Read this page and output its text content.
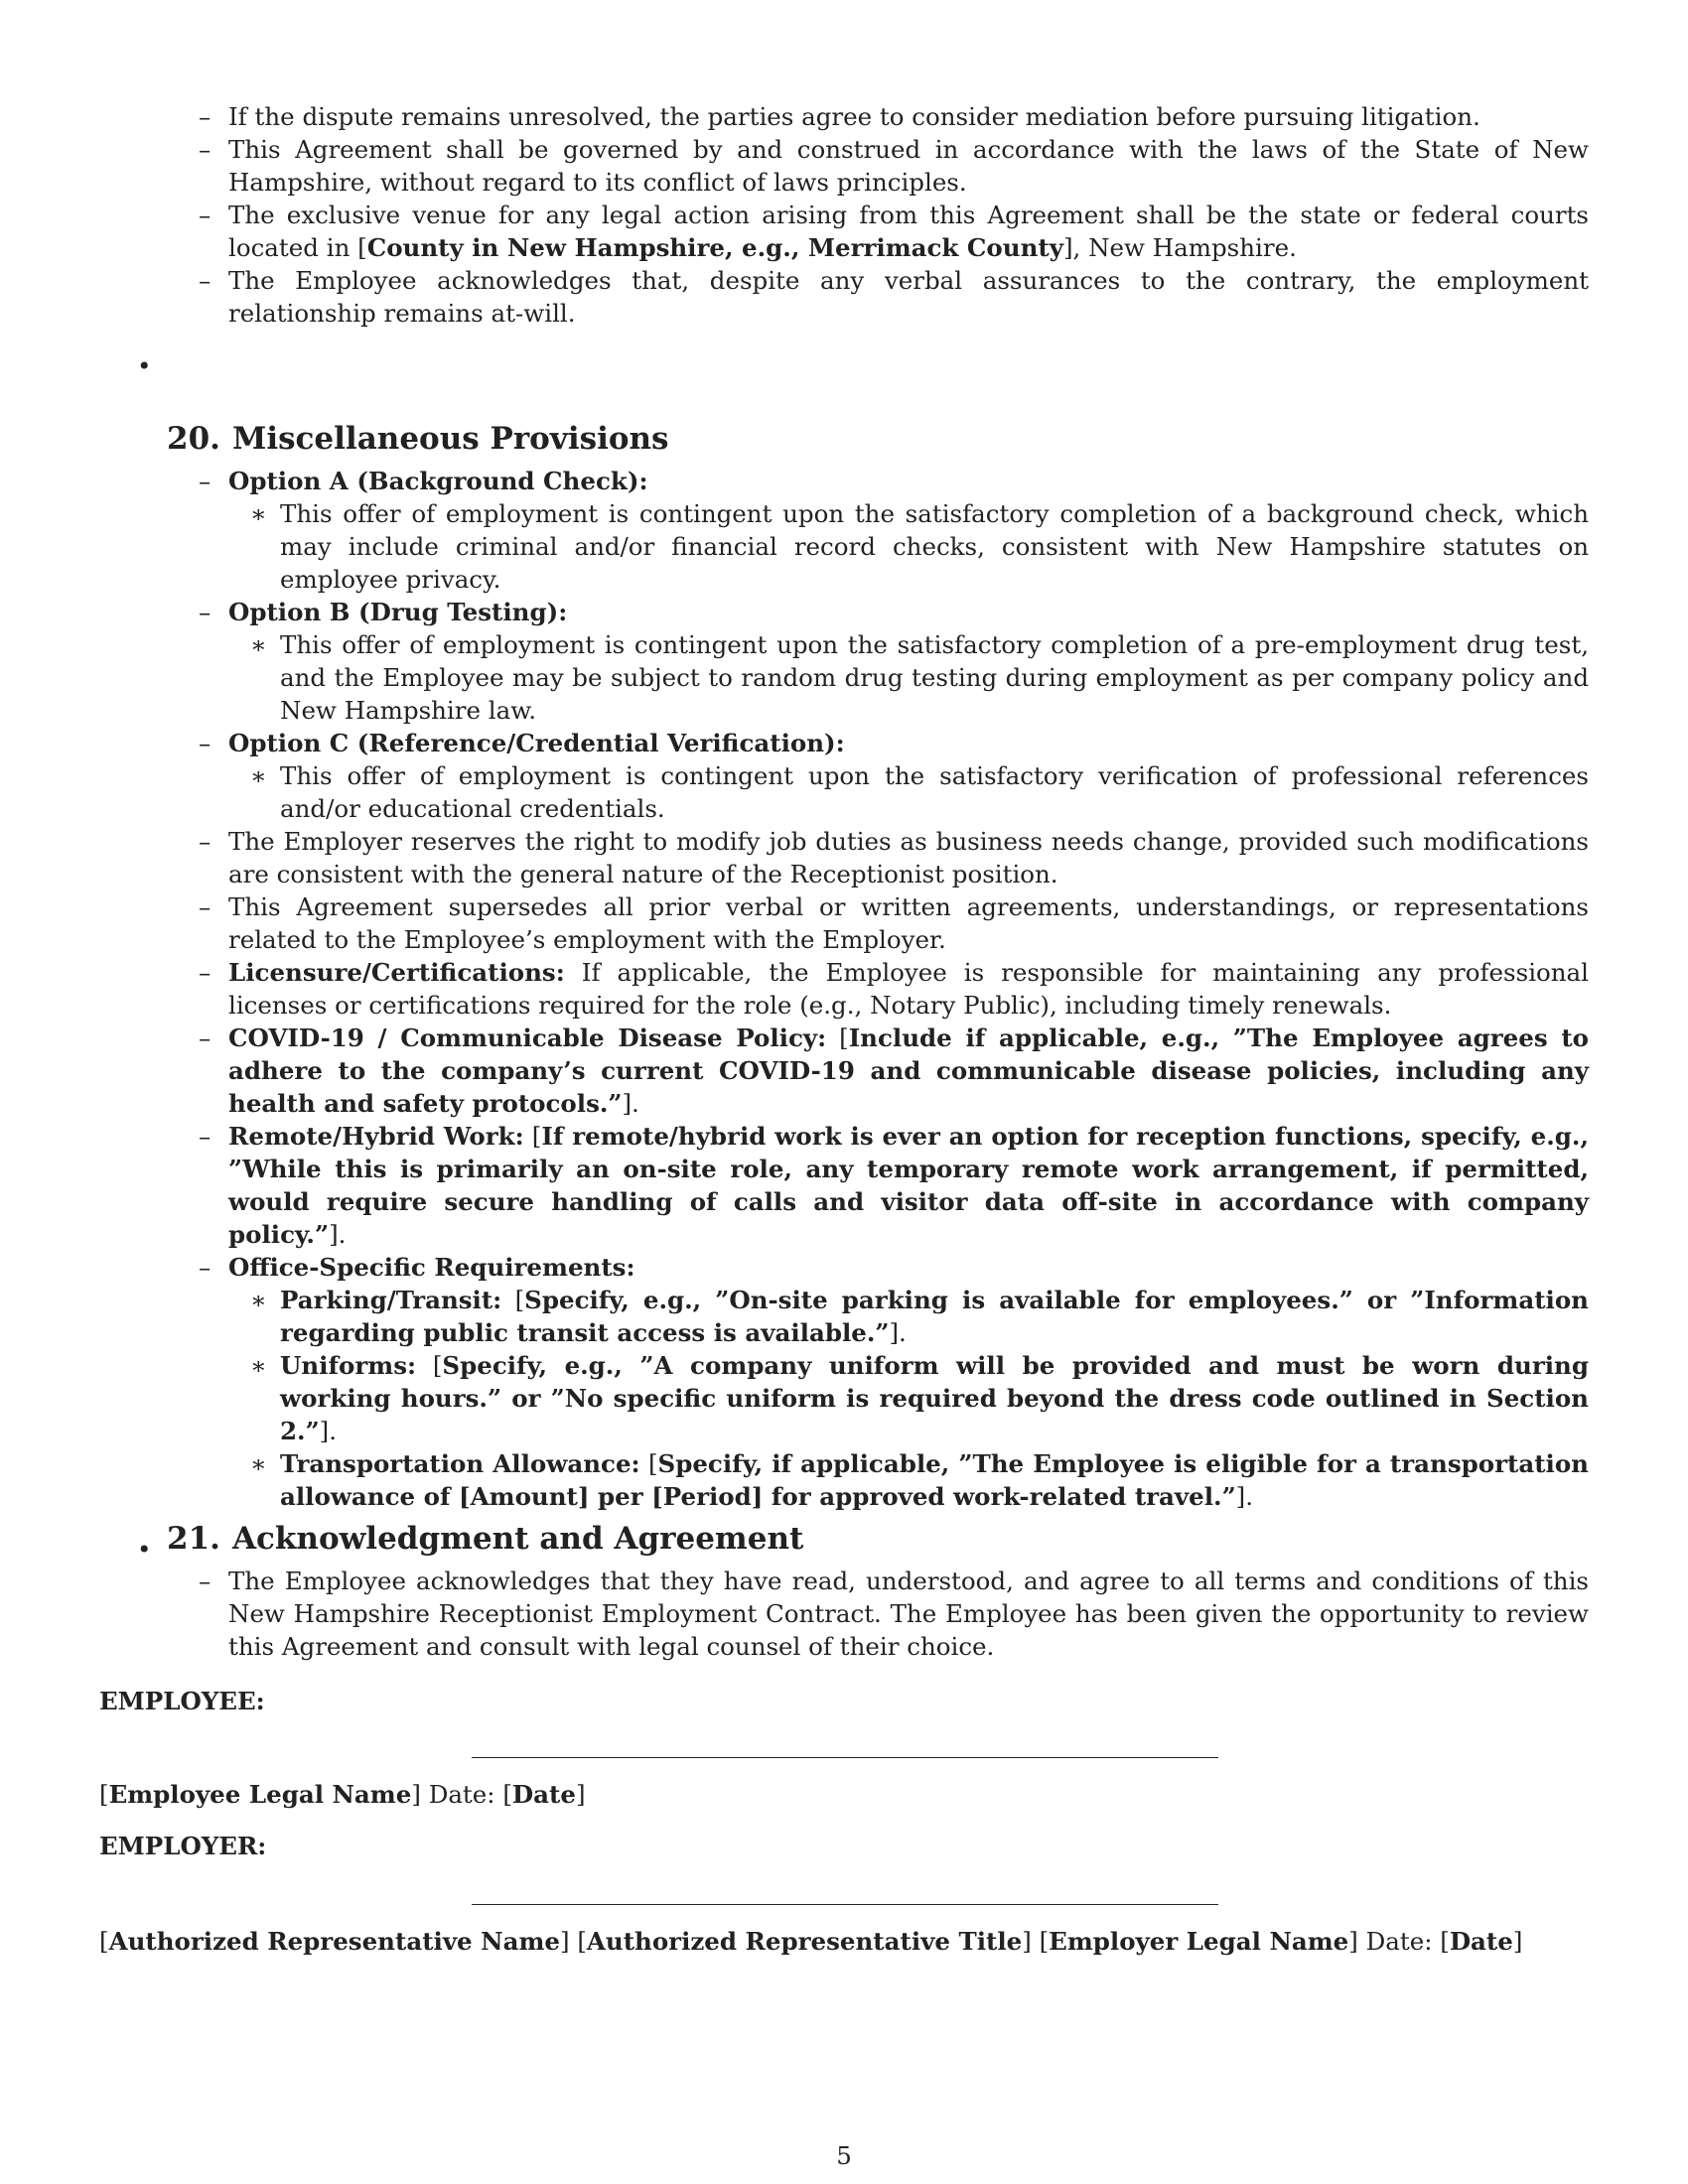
– If the dispute remains unresolved, the parties agree to consider mediation before pursuing litigation.
– This Agreement shall be governed by and construed in accordance with the laws of the State of New Hampshire, without regard to its conflict of laws principles.
– The exclusive venue for any legal action arising from this Agreement shall be the state or federal courts located in [County in New Hampshire, e.g., Merrimack County], New Hampshire.
– The Employee acknowledges that, despite any verbal assurances to the contrary, the employment relationship remains at-will.
•
20. Miscellaneous Provisions
– Option A (Background Check):
∗ This offer of employment is contingent upon the satisfactory completion of a background check, which may include criminal and/or financial record checks, consistent with New Hampshire statutes on employee privacy.
– Option B (Drug Testing):
∗ This offer of employment is contingent upon the satisfactory completion of a pre-employment drug test, and the Employee may be subject to random drug testing during employment as per company policy and New Hampshire law.
– Option C (Reference/Credential Verification):
∗ This offer of employment is contingent upon the satisfactory verification of professional references and/or educational credentials.
– The Employer reserves the right to modify job duties as business needs change, provided such modifications are consistent with the general nature of the Receptionist position.
– This Agreement supersedes all prior verbal or written agreements, understandings, or representations related to the Employee’s employment with the Employer.
– Licensure/Certifications: If applicable, the Employee is responsible for maintaining any professional licenses or certifications required for the role (e.g., Notary Public), including timely renewals.
– COVID-19 / Communicable Disease Policy: [Include if applicable, e.g., ”The Employee agrees to adhere to the company’s current COVID-19 and communicable disease policies, including any health and safety protocols.”].
– Remote/Hybrid Work: [If remote/hybrid work is ever an option for reception functions, specify, e.g., ”While this is primarily an on-site role, any temporary remote work arrangement, if permitted, would require secure handling of calls and visitor data off-site in accordance with company policy.”].
– Office-Specific Requirements:
∗ Parking/Transit: [Specify, e.g., ”On-site parking is available for employees.” or ”Information regarding public transit access is available.”].
∗ Uniforms: [Specify, e.g., ”A company uniform will be provided and must be worn during working hours.” or ”No specific uniform is required beyond the dress code outlined in Section 2.”].
∗ Transportation Allowance: [Specify, if applicable, ”The Employee is eligible for a transportation allowance of [Amount] per [Period] for approved work-related travel.”].
• 21. Acknowledgment and Agreement
– The Employee acknowledges that they have read, understood, and agree to all terms and conditions of this New Hampshire Receptionist Employment Contract. The Employee has been given the opportunity to review this Agreement and consult with legal counsel of their choice.
EMPLOYEE:
[Employee Legal Name] Date: [Date]
EMPLOYER:
[Authorized Representative Name] [Authorized Representative Title] [Employer Legal Name] Date: [Date]
5
